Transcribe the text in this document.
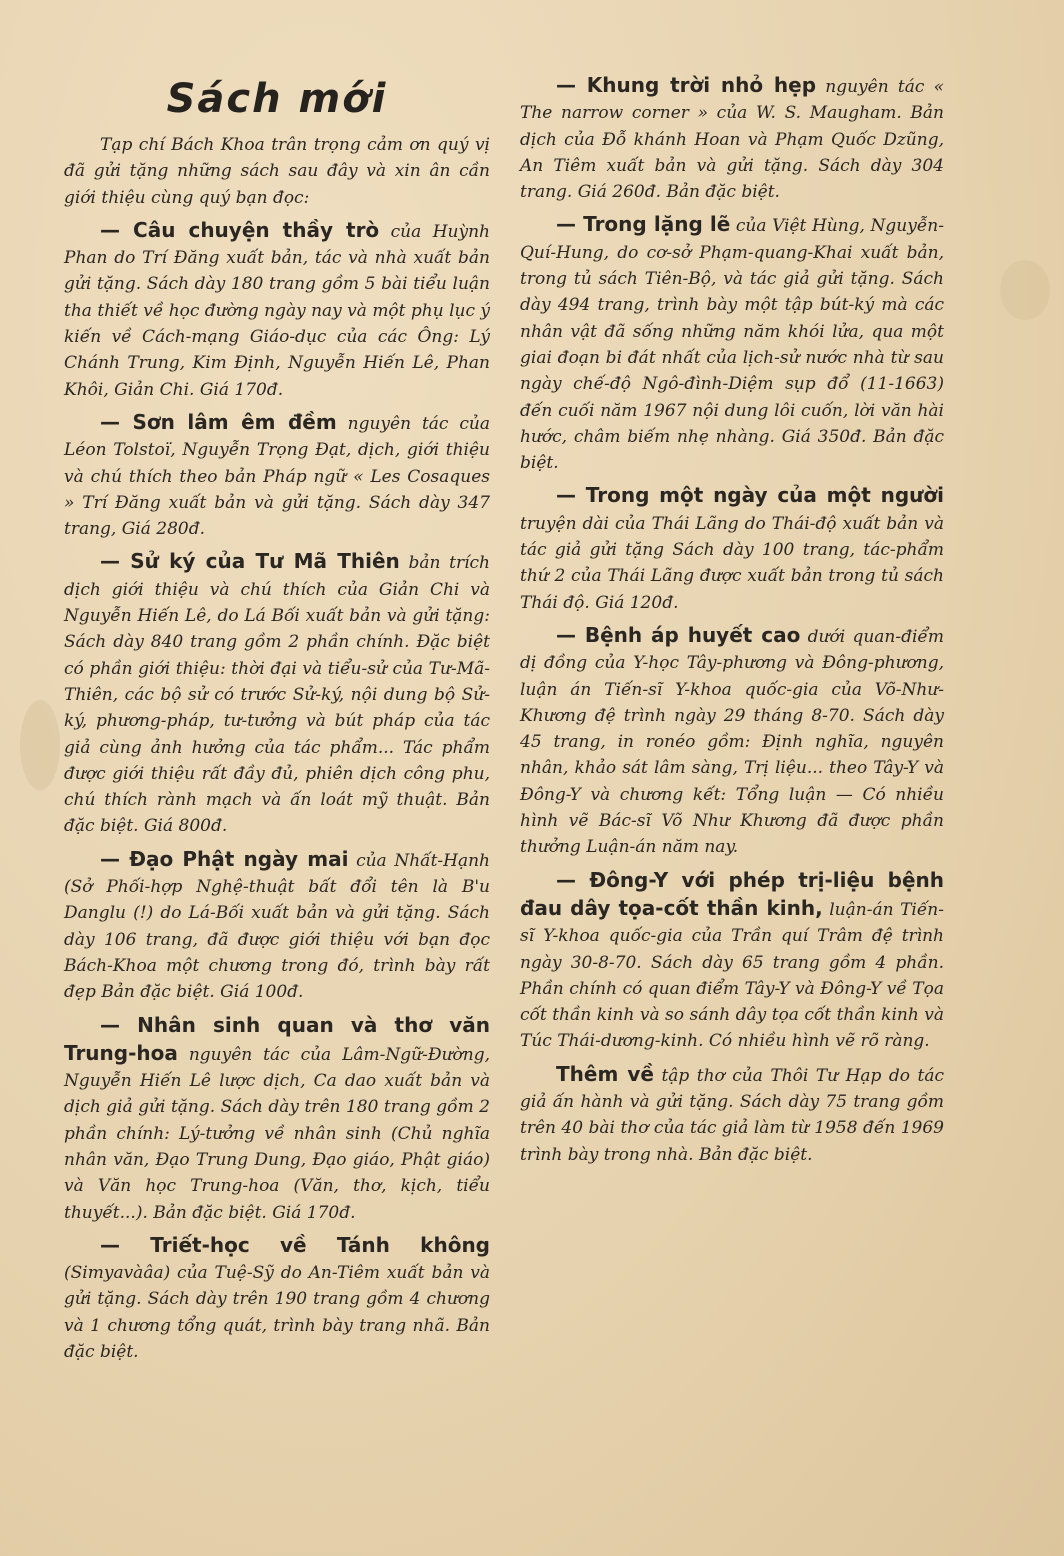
Sách mới

Tạp chí Bách Khoa trân trọng cảm ơn quý vị đã gửi tặng những sách sau đây và xin ân cần giới thiệu cùng quý bạn đọc:

— Câu chuyện thầy trò của Huỳnh Phan do Trí Đăng xuất bản, tác và nhà xuất bản gửi tặng. Sách dày 180 trang gồm 5 bài tiểu luận tha thiết về học đường ngày nay và một phụ lục ý kiến về Cách-mạng Giáo-dục của các Ông: Lý Chánh Trung, Kim Định, Nguyễn Hiến Lê, Phan Khôi, Giản Chi. Giá 170đ.

— Sơn lâm êm đềm nguyên tác của Léon Tolstoï, Nguyễn Trọng Đạt, dịch, giới thiệu và chú thích theo bản Pháp ngữ « Les Cosaques » Trí Đăng xuất bản và gửi tặng. Sách dày 347 trang, Giá 280đ.

— Sử ký của Tư Mã Thiên bản trích dịch giới thiệu và chú thích của Giản Chi và Nguyễn Hiến Lê, do Lá Bối xuất bản và gửi tặng: Sách dày 840 trang gồm 2 phần chính. Đặc biệt có phần giới thiệu: thời đại và tiểu-sử của Tư-Mã-Thiên, các bộ sử có trước Sử-ký, nội dung bộ Sử-ký, phương-pháp, tư-tưởng và bút pháp của tác giả cùng ảnh hưởng của tác phẩm... Tác phẩm được giới thiệu rất đầy đủ, phiên dịch công phu, chú thích rành mạch và ấn loát mỹ thuật. Bản đặc biệt. Giá 800đ.

— Đạo Phật ngày mai của Nhất-Hạnh (Sở Phối-hợp Nghệ-thuật bất đổi tên là B'u Danglu (!) do Lá-Bối xuất bản và gửi tặng. Sách dày 106 trang, đã được giới thiệu với bạn đọc Bách-Khoa một chương trong đó, trình bày rất đẹp Bản đặc biệt. Giá 100đ.

— Nhân sinh quan và thơ văn Trung-hoa nguyên tác của Lâm-Ngữ-Đường, Nguyễn Hiến Lê lược dịch, Ca dao xuất bản và dịch giả gửi tặng. Sách dày trên 180 trang gồm 2 phần chính: Lý-tưởng về nhân sinh (Chủ nghĩa nhân văn, Đạo Trung Dung, Đạo giáo, Phật giáo) và Văn học Trung-hoa (Văn, thơ, kịch, tiểu thuyết...). Bản đặc biệt. Giá 170đ.

— Triết-học về Tánh không (Simyavàâa) của Tuệ-Sỹ do An-Tiêm xuất bản và gửi tặng. Sách dày trên 190 trang gồm 4 chương và 1 chương tổng quát, trình bày trang nhã. Bản đặc biệt.

— Khung trời nhỏ hẹp nguyên tác « The narrow corner » của W. S. Maugham. Bản dịch của Đỗ khánh Hoan và Phạm Quốc Dzũng, An Tiêm xuất bản và gửi tặng. Sách dày 304 trang. Giá 260đ. Bản đặc biệt.

— Trong lặng lẽ của Việt Hùng, Nguyễn-Quí-Hung, do cơ-sở Phạm-quang-Khai xuất bản, trong tủ sách Tiên-Bộ, và tác giả gửi tặng. Sách dày 494 trang, trình bày một tập bút-ký mà các nhân vật đã sống những năm khói lửa, qua một giai đoạn bi đát nhất của lịch-sử nước nhà từ sau ngày chế-độ Ngô-đình-Diệm sụp đổ (11-1663) đến cuối năm 1967 nội dung lôi cuốn, lời văn hài hước, châm biếm nhẹ nhàng. Giá 350đ. Bản đặc biệt.

— Trong một ngày của một người truyện dài của Thái Lãng do Thái-độ xuất bản và tác giả gửi tặng Sách dày 100 trang, tác-phẩm thứ 2 của Thái Lãng được xuất bản trong tủ sách Thái độ. Giá 120đ.

— Bệnh áp huyết cao dưới quan-điểm dị đồng của Y-học Tây-phương và Đông-phương, luận án Tiến-sĩ Y-khoa quốc-gia của Võ-Như-Khương đệ trình ngày 29 tháng 8-70. Sách dày 45 trang, in ronéo gồm: Định nghĩa, nguyên nhân, khảo sát lâm sàng, Trị liệu... theo Tây-Y và Đông-Y và chương kết: Tổng luận — Có nhiều hình vẽ Bác-sĩ Võ Như Khương đã được phần thưởng Luận-án năm nay.

— Đông-Y với phép trị-liệu bệnh đau dây tọa-cốt thần kinh, luận-án Tiến-sĩ Y-khoa quốc-gia của Trần quí Trâm đệ trình ngày 30-8-70. Sách dày 65 trang gồm 4 phần. Phần chính có quan điểm Tây-Y và Đông-Y về Tọa cốt thần kinh và so sánh dây tọa cốt thần kinh và Túc Thái-dương-kinh. Có nhiều hình vẽ rõ ràng.

Thêm về tập thơ của Thôi Tư Hạp do tác giả ấn hành và gửi tặng. Sách dày 75 trang gồm trên 40 bài thơ của tác giả làm từ 1958 đến 1969 trình bày trong nhà. Bản đặc biệt.
